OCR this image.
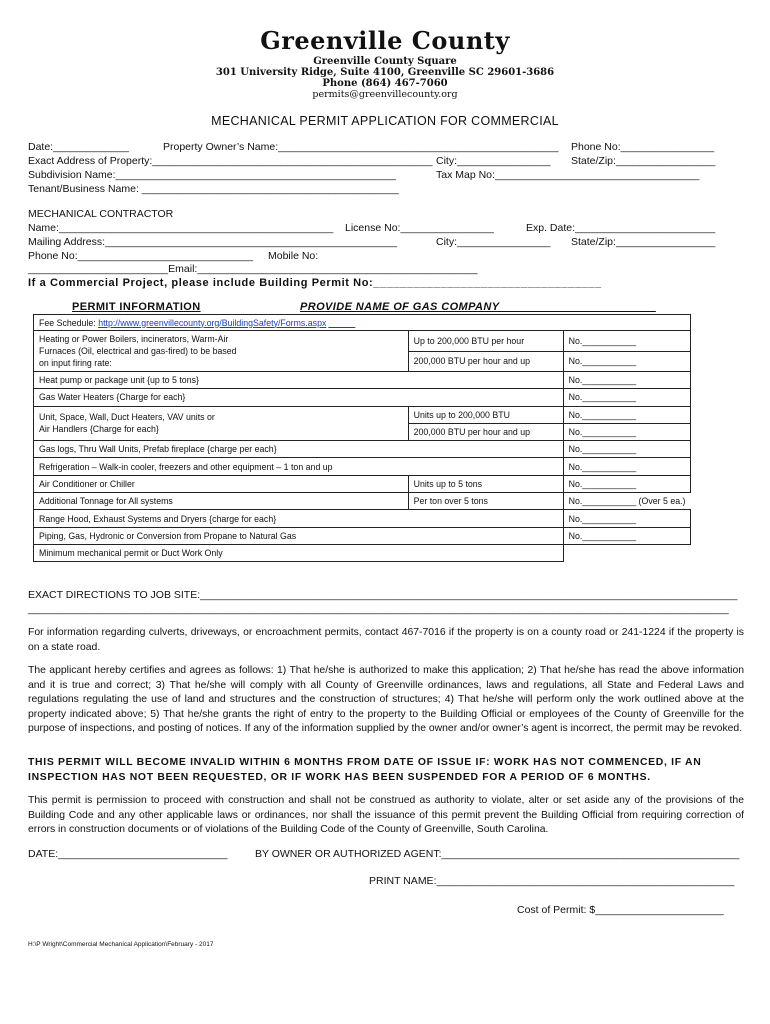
Greenville County
Greenville County Square
301 University Ridge, Suite 4100, Greenville SC 29601-3686
Phone (864) 467-7060
permits@greenvillecounty.org
MECHANICAL PERMIT APPLICATION FOR COMMERCIAL
Date:_____________	Property Owner’s Name:________________________________________________ Phone No:________________
Exact Address of Property:________________________________________________ City:________________ State/Zip:_________________
Subdivision Name:________________________________________________	Tax Map No:___________________________________
Tenant/Business Name: ____________________________________________
MECHANICAL CONTRACTOR
Name:_______________________________________________ License No:________________	Exp. Date:________________________
Mailing Address:__________________________________________________	City:________________ State/Zip:_________________
Phone No:______________________________ Mobile No:
________________________Email:________________________________________________
If a Commercial Project, please include Building Permit No:__________________________________
PERMIT INFORMATION	PROVIDE NAME OF GAS COMPANY________________________
Fee Schedule: http://www.greenvillecounty.org/BuildingSafety/Forms.aspx		

Heating or Power Boilers, incinerators, Warm-Air
Furnaces (Oil, electrical and gas-fired) to be based
on input firing rate:	Up to 200,000 BTU per hour	No.___________
	200,000 BTU per hour and up	No.___________
Heat pump or package unit {up to 5 tons}		No.___________
Gas Water Heaters {Charge for each}		No.___________

Unit, Space, Wall, Duct Heaters, VAV units or
Air Handlers {Charge for each}	Units up to 200,000 BTU	No.___________
	200,000 BTU per hour and up	No.___________
Gas logs, Thru Wall Units, Prefab fireplace {charge per each}		No.___________
Refrigeration – Walk-in cooler, freezers and other equipment – 1 ton and up		No.___________
Air Conditioner or Chiller	Units up to 5 tons	No.___________
Additional Tonnage for All systems	Per ton over 5 tons	No.___________ (Over 5 ea.)
Range Hood, Exhaust Systems and Dryers {charge for each}		No.___________
Piping, Gas, Hydronic or Conversion from Propane to Natural Gas		No.___________
Minimum mechanical permit or Duct Work Only		
EXACT DIRECTIONS TO JOB SITE:____________________________________________________________________________________________
________________________________________________________________________________________________________________________
For information regarding culverts, driveways, or encroachment permits, contact 467-7016 if the property is on a county road or 241-1224 if the property is on a state road.
The applicant hereby certifies and agrees as follows: 1) That he/she is authorized to make this application; 2) That he/she has read the above information and it is true and correct; 3) That he/she will comply with all County of Greenville ordinances, laws and regulations, all State and Federal Laws and regulations regulating the use of land and structures and the construction of structures; 4) That he/she will perform only the work outlined above at the property indicated above; 5) That he/she grants the right of entry to the property to the Building Official or employees of the County of Greenville for the purpose of inspections, and posting of notices. If any of the information supplied by the owner and/or owner’s agent is incorrect, the permit may be revoked.
THIS PERMIT WILL BECOME INVALID WITHIN 6 MONTHS FROM DATE OF ISSUE IF: WORK HAS NOT COMMENCED, IF AN INSPECTION HAS NOT BEEN REQUESTED, OR IF WORK HAS BEEN SUSPENDED FOR A PERIOD OF 6 MONTHS.
This permit is permission to proceed with construction and shall not be construed as authority to violate, alter or set aside any of the provisions of the Building Code and any other applicable laws or ordinances, nor shall the issuance of this permit prevent the Building Official from requiring correction of errors in construction documents or of violations of the Building Code of the County of Greenville, South Carolina.
DATE:_____________________________	BY OWNER OR AUTHORIZED AGENT:___________________________________________________
PRINT NAME:___________________________________________________
Cost of Permit: $______________________
H:\P Wright\Commercial Mechanical Application\February - 2017
